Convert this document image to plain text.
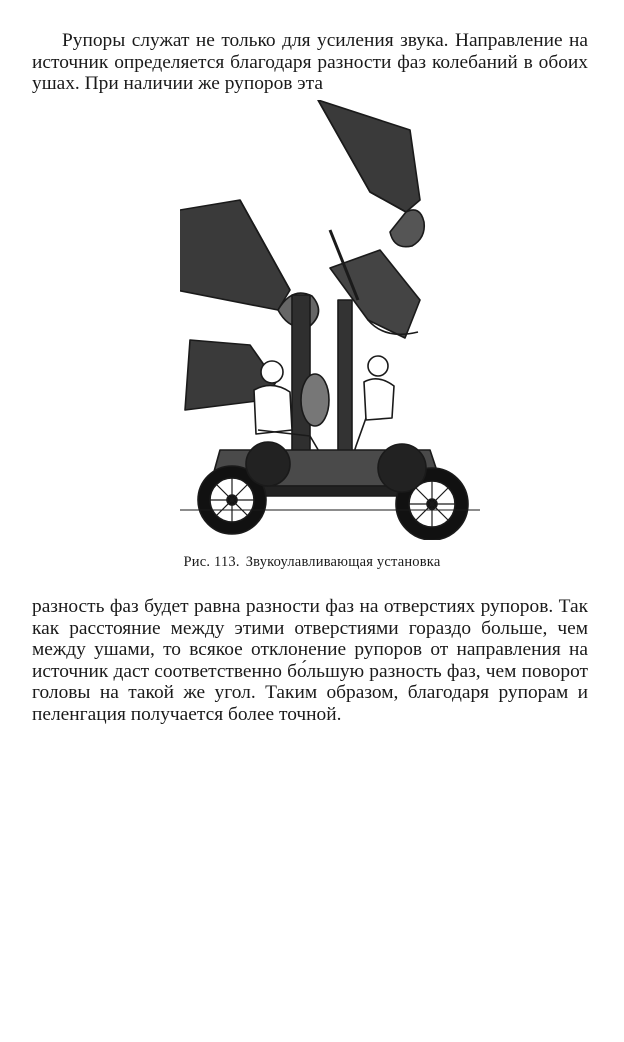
Рупоры служат не только для усиления звука. Направление на источник определяется благодаря разности фаз колебаний в обоих ушах. При наличии же рупоров эта

Рис. 113. Звукоулавливающая установка

разность фаз будет равна разности фаз на отверстиях рупоров. Так как расстояние между этими отверстиями гораздо больше, чем между ушами, то всякое отклонение рупоров от направления на источник даст соответственно бо́льшую разность фаз, чем поворот головы на такой же угол. Таким образом, благодаря рупорам и пеленгация получается более точной.
